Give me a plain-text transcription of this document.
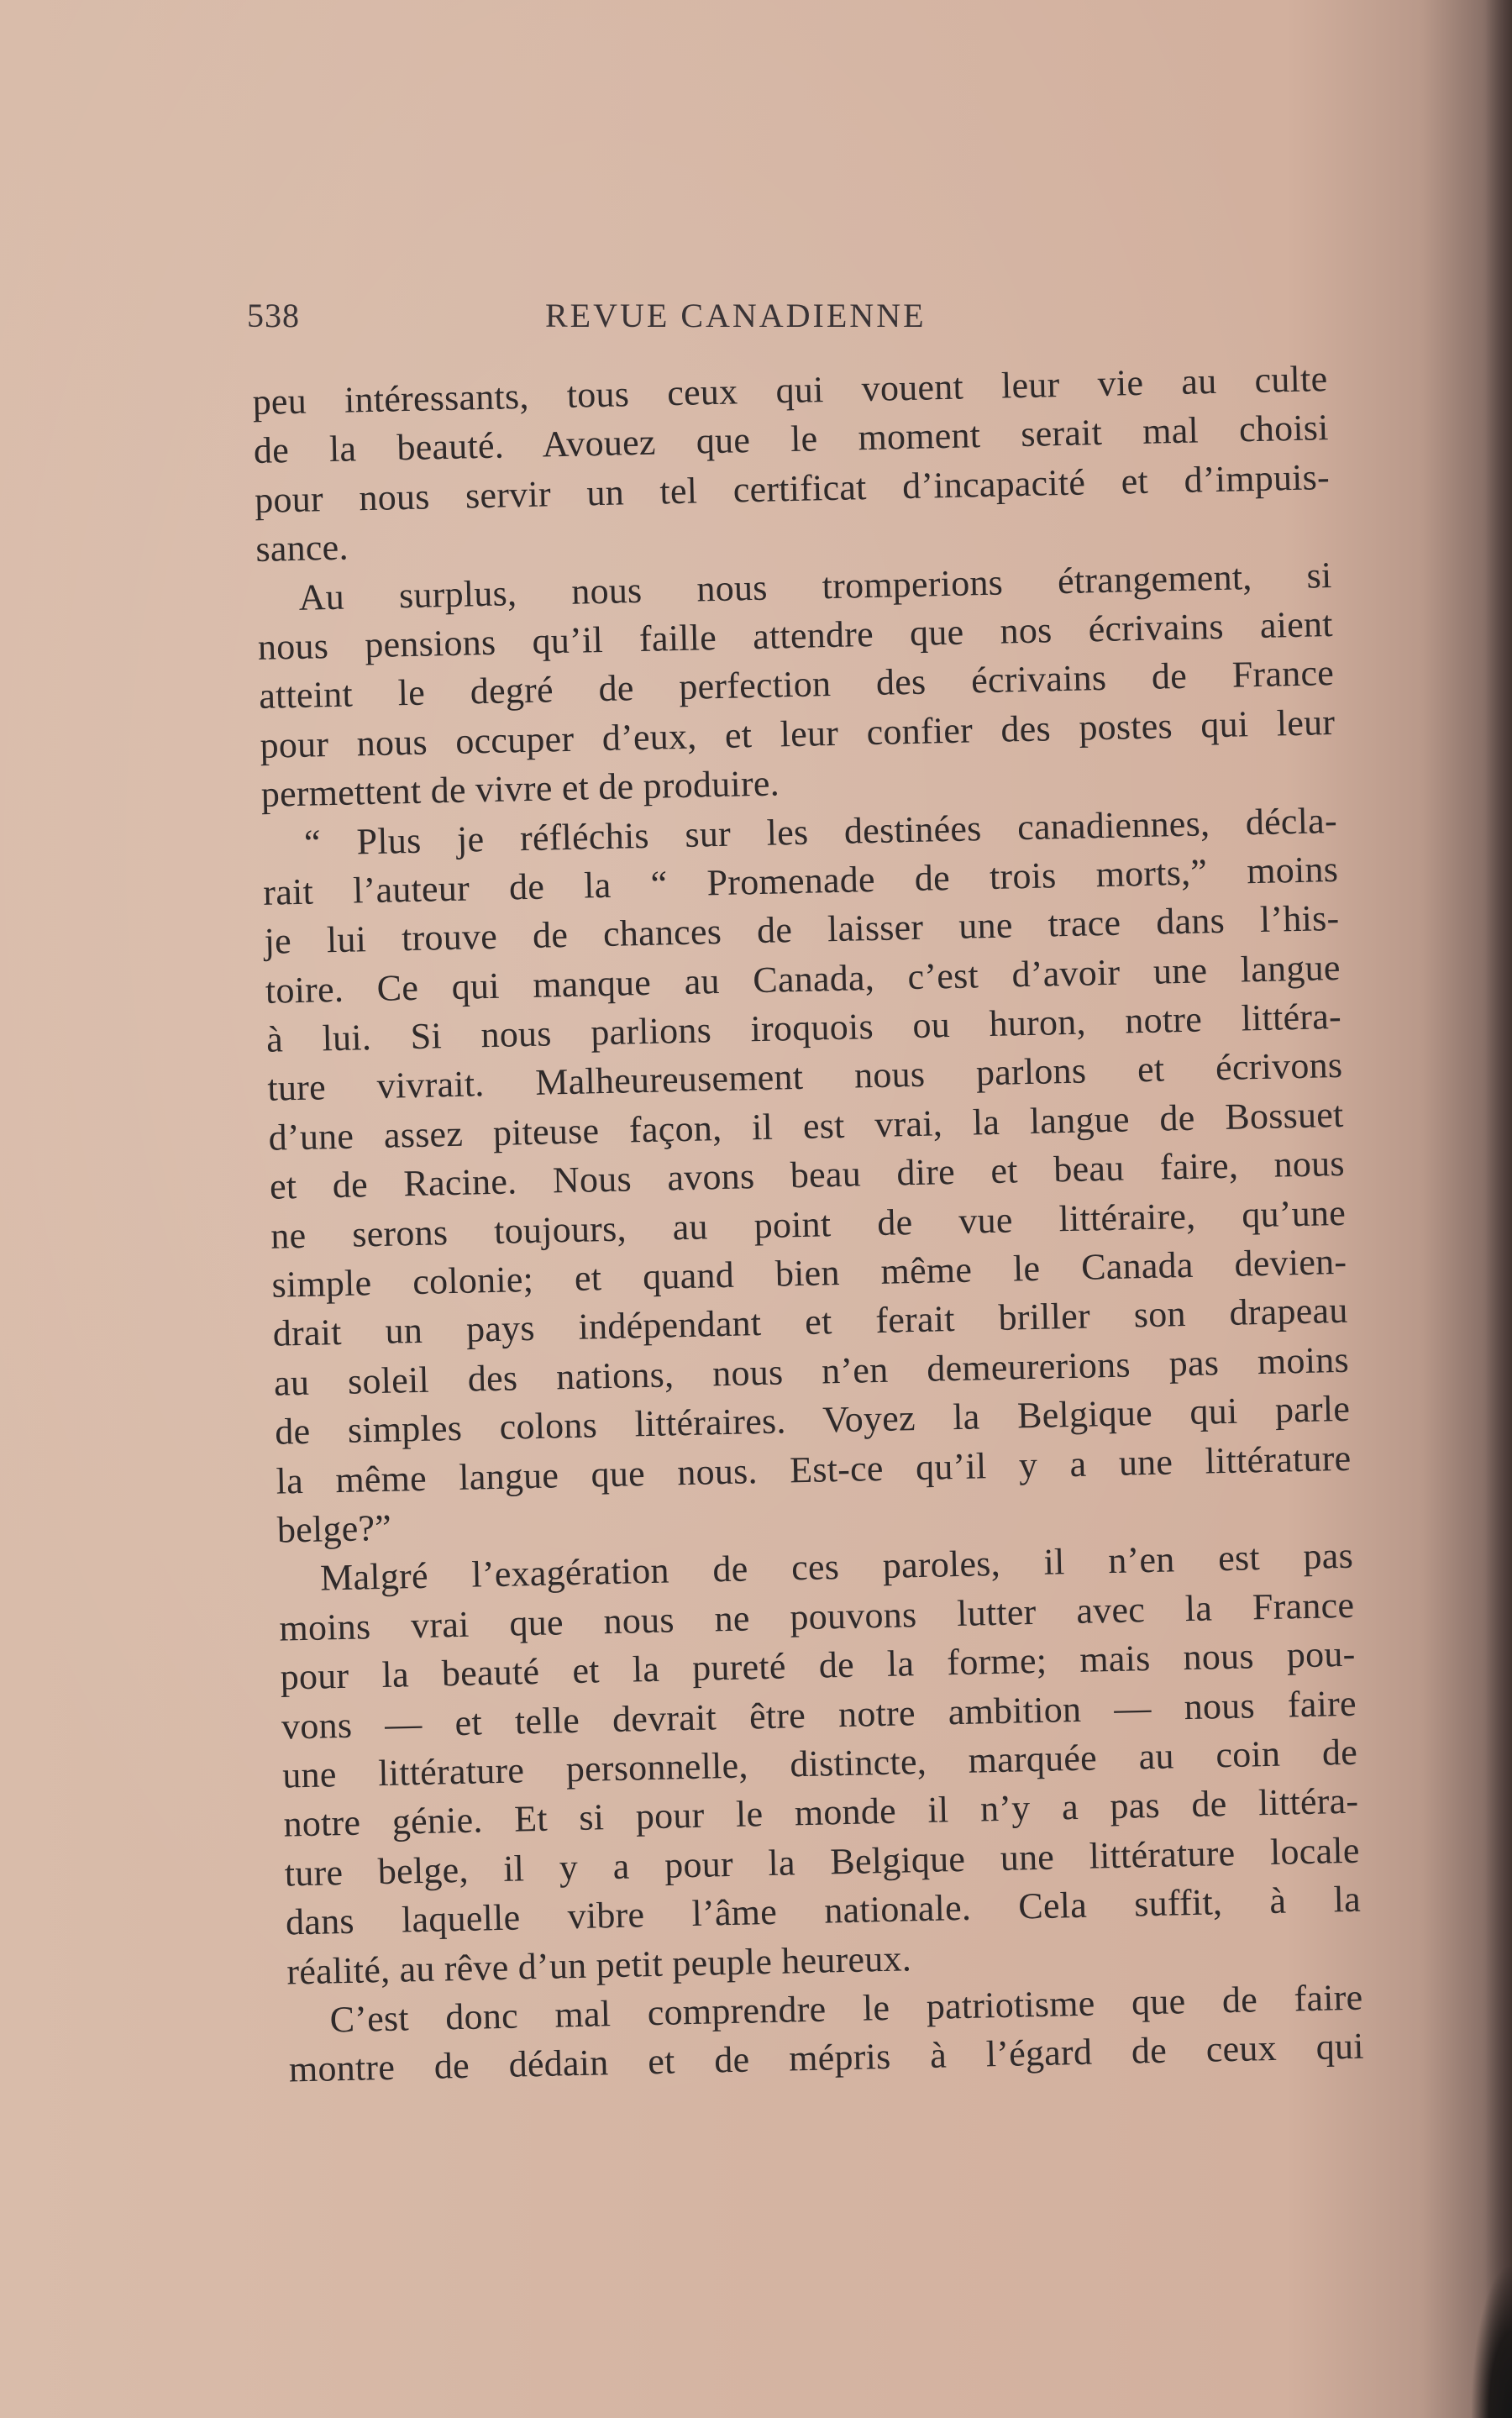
538	REVUE CANADIENNE
peu intéressants, tous ceux qui vouent leur vie au culte
de la beauté. Avouez que le moment serait mal choisi
pour nous servir un tel certificat d’incapacité et d’impuis-
sance.
Au surplus, nous nous tromperions étrangement, si
nous pensions qu’il faille attendre que nos écrivains aient
atteint le degré de perfection des écrivains de France
pour nous occuper d’eux, et leur confier des postes qui leur
permettent de vivre et de produire.
“ Plus je réfléchis sur les destinées canadiennes, décla-
rait l’auteur de la “ Promenade de trois morts,” moins
je lui trouve de chances de laisser une trace dans l’his-
toire. Ce qui manque au Canada, c’est d’avoir une langue
à lui. Si nous parlions iroquois ou huron, notre littéra-
ture vivrait. Malheureusement nous parlons et écrivons
d’une assez piteuse façon, il est vrai, la langue de Bossuet
et de Racine. Nous avons beau dire et beau faire, nous
ne serons toujours, au point de vue littéraire, qu’une
simple colonie; et quand bien même le Canada devien-
drait un pays indépendant et ferait briller son drapeau
au soleil des nations, nous n’en demeurerions pas moins
de simples colons littéraires. Voyez la Belgique qui parle
la même langue que nous. Est-ce qu’il y a une littérature
belge?”
Malgré l’exagération de ces paroles, il n’en est pas
moins vrai que nous ne pouvons lutter avec la France
pour la beauté et la pureté de la forme; mais nous pou-
vons — et telle devrait être notre ambition — nous faire
une littérature personnelle, distincte, marquée au coin de
notre génie. Et si pour le monde il n’y a pas de littéra-
ture belge, il y a pour la Belgique une littérature locale
dans laquelle vibre l’âme nationale. Cela suffit, à la
réalité, au rêve d’un petit peuple heureux.
C’est donc mal comprendre le patriotisme que de faire
montre de dédain et de mépris à l’égard de ceux qui
